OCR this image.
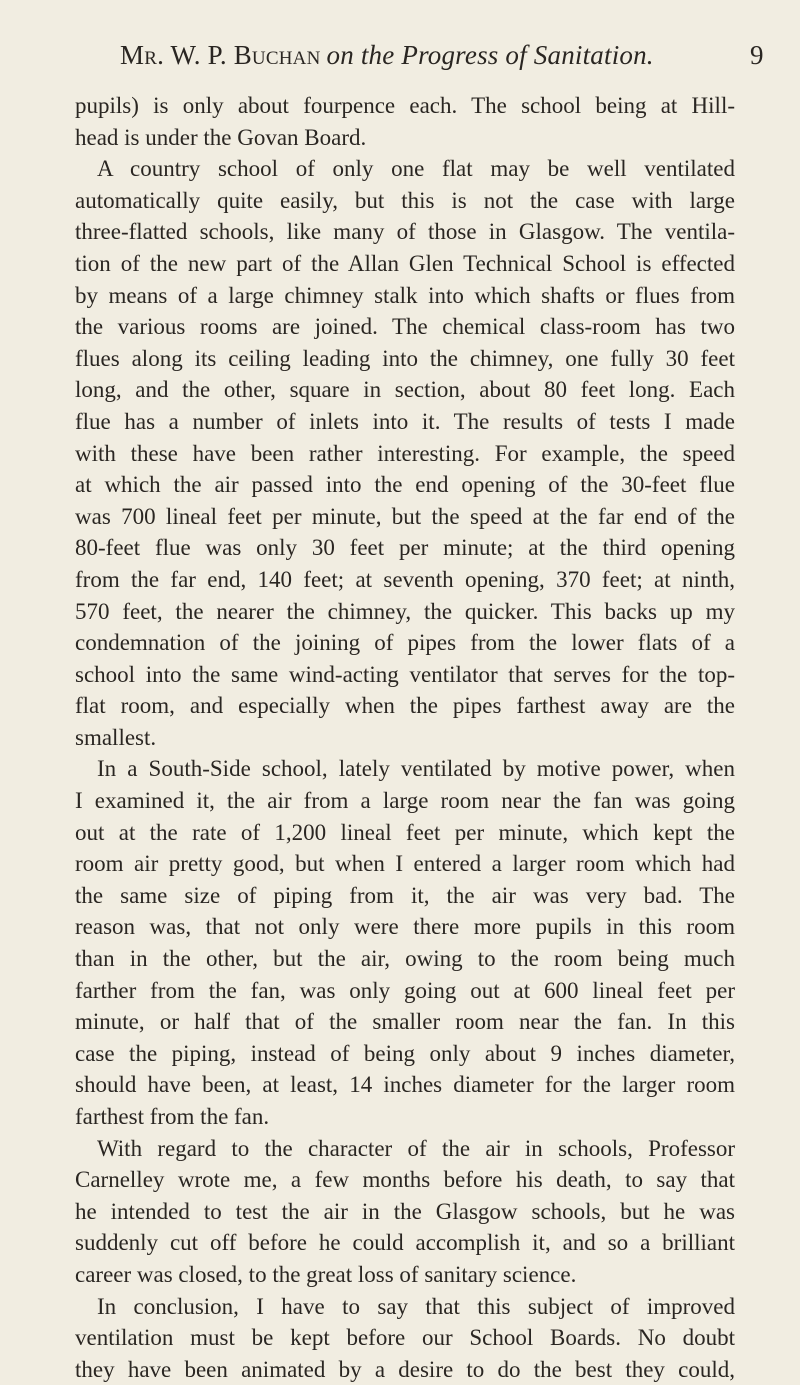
Mr. W. P. Buchan on the Progress of Sanitation.	9
pupils) is only about fourpence each. The school being at Hill-
head is under the Govan Board.
A country school of only one flat may be well ventilated
automatically quite easily, but this is not the case with large
three-flatted schools, like many of those in Glasgow. The ventila-
tion of the new part of the Allan Glen Technical School is effected
by means of a large chimney stalk into which shafts or flues from
the various rooms are joined. The chemical class-room has two
flues along its ceiling leading into the chimney, one fully 30 feet
long, and the other, square in section, about 80 feet long. Each
flue has a number of inlets into it. The results of tests I made
with these have been rather interesting. For example, the speed
at which the air passed into the end opening of the 30-feet flue
was 700 lineal feet per minute, but the speed at the far end of the
80-feet flue was only 30 feet per minute; at the third opening
from the far end, 140 feet; at seventh opening, 370 feet; at ninth,
570 feet, the nearer the chimney, the quicker. This backs up my
condemnation of the joining of pipes from the lower flats of a
school into the same wind-acting ventilator that serves for the top-
flat room, and especially when the pipes farthest away are the
smallest.
In a South-Side school, lately ventilated by motive power, when
I examined it, the air from a large room near the fan was going
out at the rate of 1,200 lineal feet per minute, which kept the
room air pretty good, but when I entered a larger room which had
the same size of piping from it, the air was very bad. The
reason was, that not only were there more pupils in this room
than in the other, but the air, owing to the room being much
farther from the fan, was only going out at 600 lineal feet per
minute, or half that of the smaller room near the fan. In this
case the piping, instead of being only about 9 inches diameter,
should have been, at least, 14 inches diameter for the larger room
farthest from the fan.
With regard to the character of the air in schools, Professor
Carnelley wrote me, a few months before his death, to say that
he intended to test the air in the Glasgow schools, but he was
suddenly cut off before he could accomplish it, and so a brilliant
career was closed, to the great loss of sanitary science.
In conclusion, I have to say that this subject of improved
ventilation must be kept before our School Boards. No doubt
they have been animated by a desire to do the best they could,
